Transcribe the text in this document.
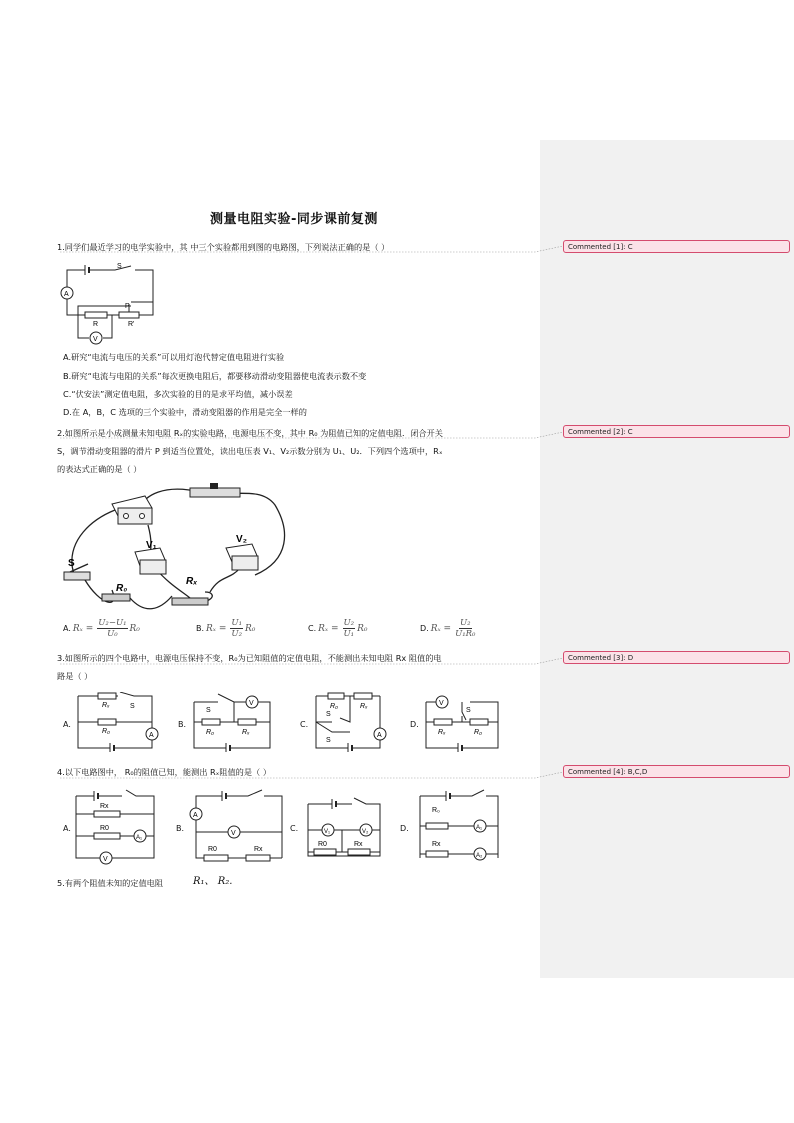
Commented [1]: C
Commented [2]: C
Commented [3]: D
Commented [4]: B,C,D
测量电阻实验-同步课前复测
1.同学们最近学习的电学实验中，其 中三个实验都用到图的电路图，下列说法正确的是（ ）
A
V
S
R
P
R'
A.研究“电流与电压的关系”可以用灯泡代替定值电阻进行实验
B.研究“电流与电阻的关系”每次更换电阻后，都要移动滑动变阻器使电流表示数不变
C.“伏安法”测定值电阻，多次实验的目的是求平均值，减小误差
D.在 A，B，C 选项的三个实验中，滑动变阻器的作用是完全一样的
2.如图所示是小成测量未知电阻 Rₓ的实验电路，电源电压不变，其中 R₀ 为阻值已知的定值电阻．闭合开关
S，调节滑动变阻器的滑片 P 到适当位置处，读出电压表 V₁、V₂示数分别为 U₁、U₂．下列四个选项中，Rₓ
的表达式正确的是（ ）
S
V₁
V₂
R₀
Rₓ
A. $R_x = \frac{\text{U₂−U₁}}{\text{U₀}} R_0$	B. $R_x = \frac{\text{U₁}}{\text{U₂}} R_0$	C. $R_x = \frac{\text{U₂}}{\text{U₁}} R_0$	D. $R_x = \frac{\text{U₂}}{\text{U₁R₀}}$
3.如图所示的四个电路中，电源电压保持不变，R₀为已知阻值的定值电阻，不能测出未知电阻 Rx 阻值的电
路是（ ）
A.
A
Rₓ
R₀
S
B.
V
S
R₀	Rₓ
C.
A
R₀	Rₓ
S
S
D.
V
S
Rₓ	R₀
4.以下电路图中， R₀的阻值已知，能测出 Rₓ阻值的是（ ）
A.
Rx
R0
A₁
V
B.
A
V
R0	Rx
C.	V₁	V₂
R0	Rx
D.
R₀
Rx
A₁
A₂
5.有两个阻值未知的定值电阻	R₁、 R₂.
